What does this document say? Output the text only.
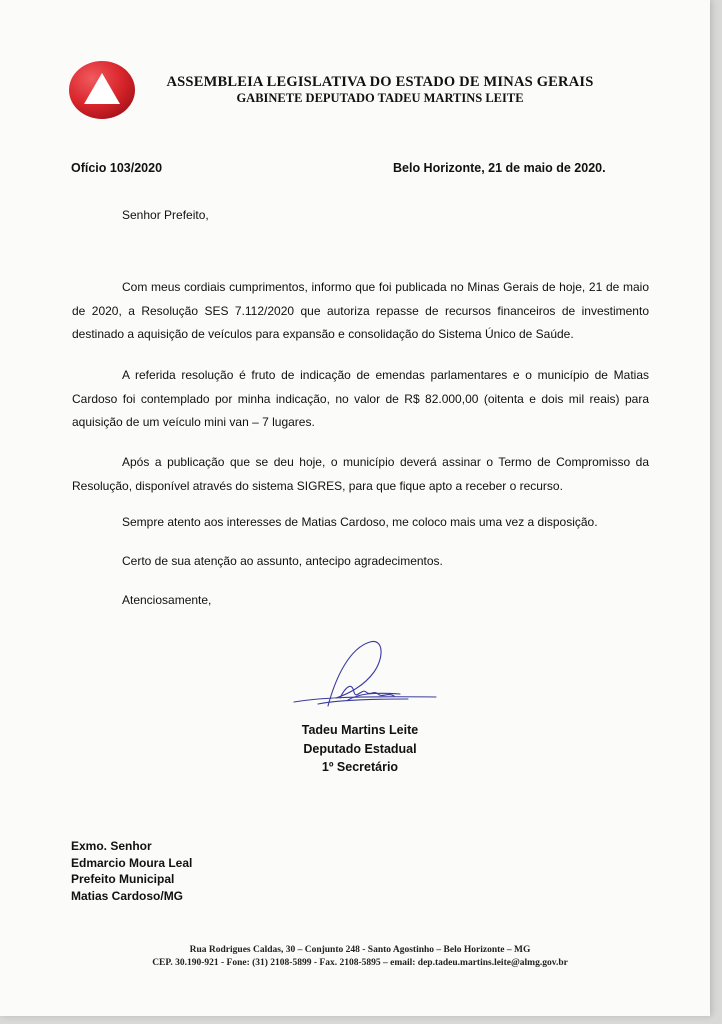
ASSEMBLEIA LEGISLATIVA DO ESTADO DE MINAS GERAIS
GABINETE DEPUTADO TADEU MARTINS LEITE
Ofício 103/2020	Belo Horizonte, 21 de maio de 2020.
Senhor Prefeito,

Com meus cordiais cumprimentos, informo que foi publicada no Minas Gerais de hoje, 21 de maio de 2020, a Resolução SES 7.112/2020 que autoriza repasse de recursos financeiros de investimento destinado a aquisição de veículos para expansão e consolidação do Sistema Único de Saúde.

A referida resolução é fruto de indicação de emendas parlamentares e o município de Matias Cardoso foi contemplado por minha indicação, no valor de R$ 82.000,00 (oitenta e dois mil reais) para aquisição de um veículo mini van – 7 lugares.

Após a publicação que se deu hoje, o município deverá assinar o Termo de Compromisso da Resolução, disponível através do sistema SIGRES, para que fique apto a receber o recurso.

Sempre atento aos interesses de Matias Cardoso, me coloco mais uma vez a disposição.

Certo de sua atenção ao assunto, antecipo agradecimentos.

Atenciosamente,

Tadeu Martins Leite
Deputado Estadual
1º Secretário
Exmo. Senhor
Edmarcio Moura Leal
Prefeito Municipal
Matias Cardoso/MG
Rua Rodrigues Caldas, 30 – Conjunto 248 - Santo Agostinho – Belo Horizonte – MG
CEP. 30.190-921 - Fone: (31) 2108-5899 - Fax. 2108-5895 – email: dep.tadeu.martins.leite@almg.gov.br
